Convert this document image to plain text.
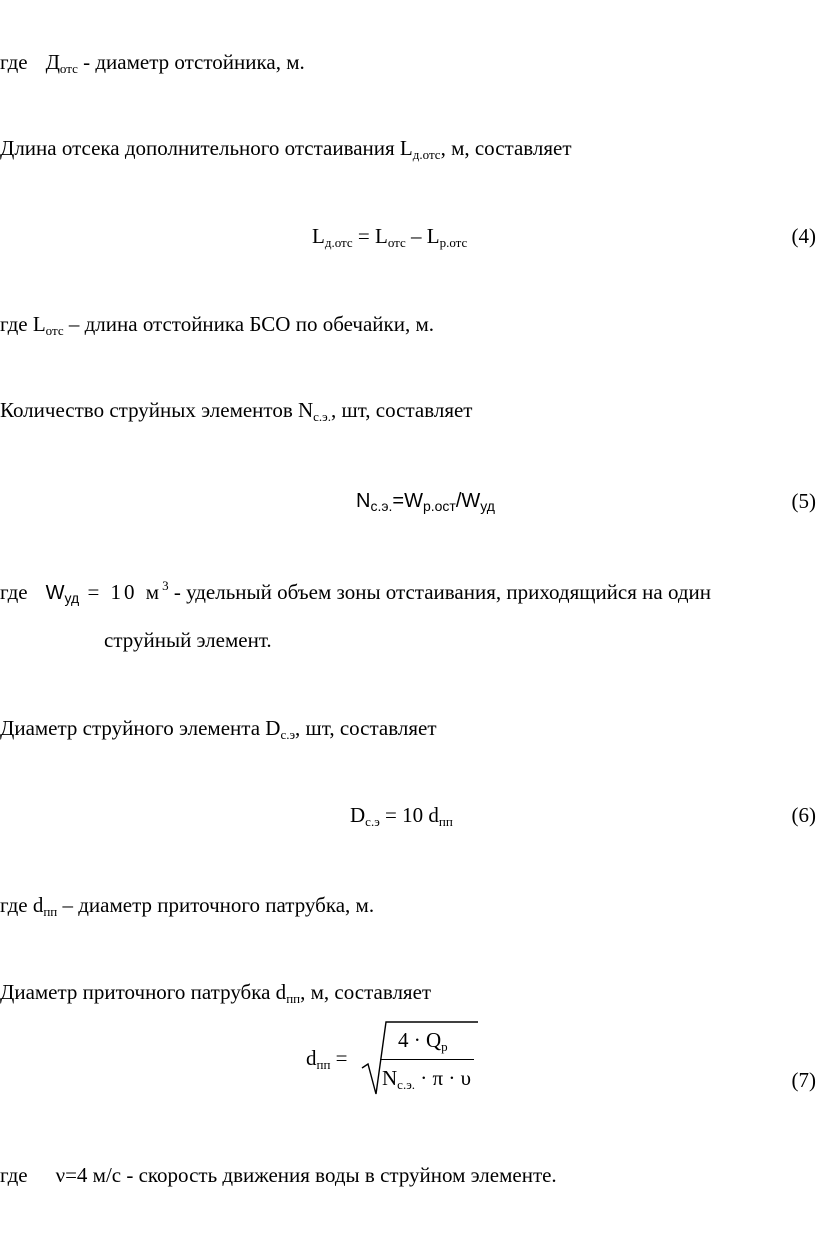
где $Д_{отс}$ - диаметр отстойника, м.
Длина отсека дополнительного отстаивания $L_{д.отс}$, м, составляет
$L_{д.отс} = L_{отс} - L_{р.отс}$	(4)
где $L_{отс}$ – длина отстойника БСО по обечайки, м.
Количество струйных элементов $N_{с.э.}$, шт, составляет
$N_{с.э.}=W_{р.ост}/W_{уд}$	(5)
где $W_{уд} = 10$ $м^3$ - удельный объем зоны отстаивания, приходящийся на один
струйный элемент.
Диаметр струйного элемента $D_{с.э}$, шт, составляет
$D_{с.э} = 10$ $d_{пп}$	(6)
где $d_{пп}$ – диаметр приточного патрубка, м.
Диаметр приточного патрубка $d_{пп}$, м, составляет
$d_{пп}$ =
$4 \cdot Q_р$
$N_{с.э.} \cdot \pi \cdot \upsilon$	(7)
где ν=4 м/с - скорость движения воды в струйном элементе.
